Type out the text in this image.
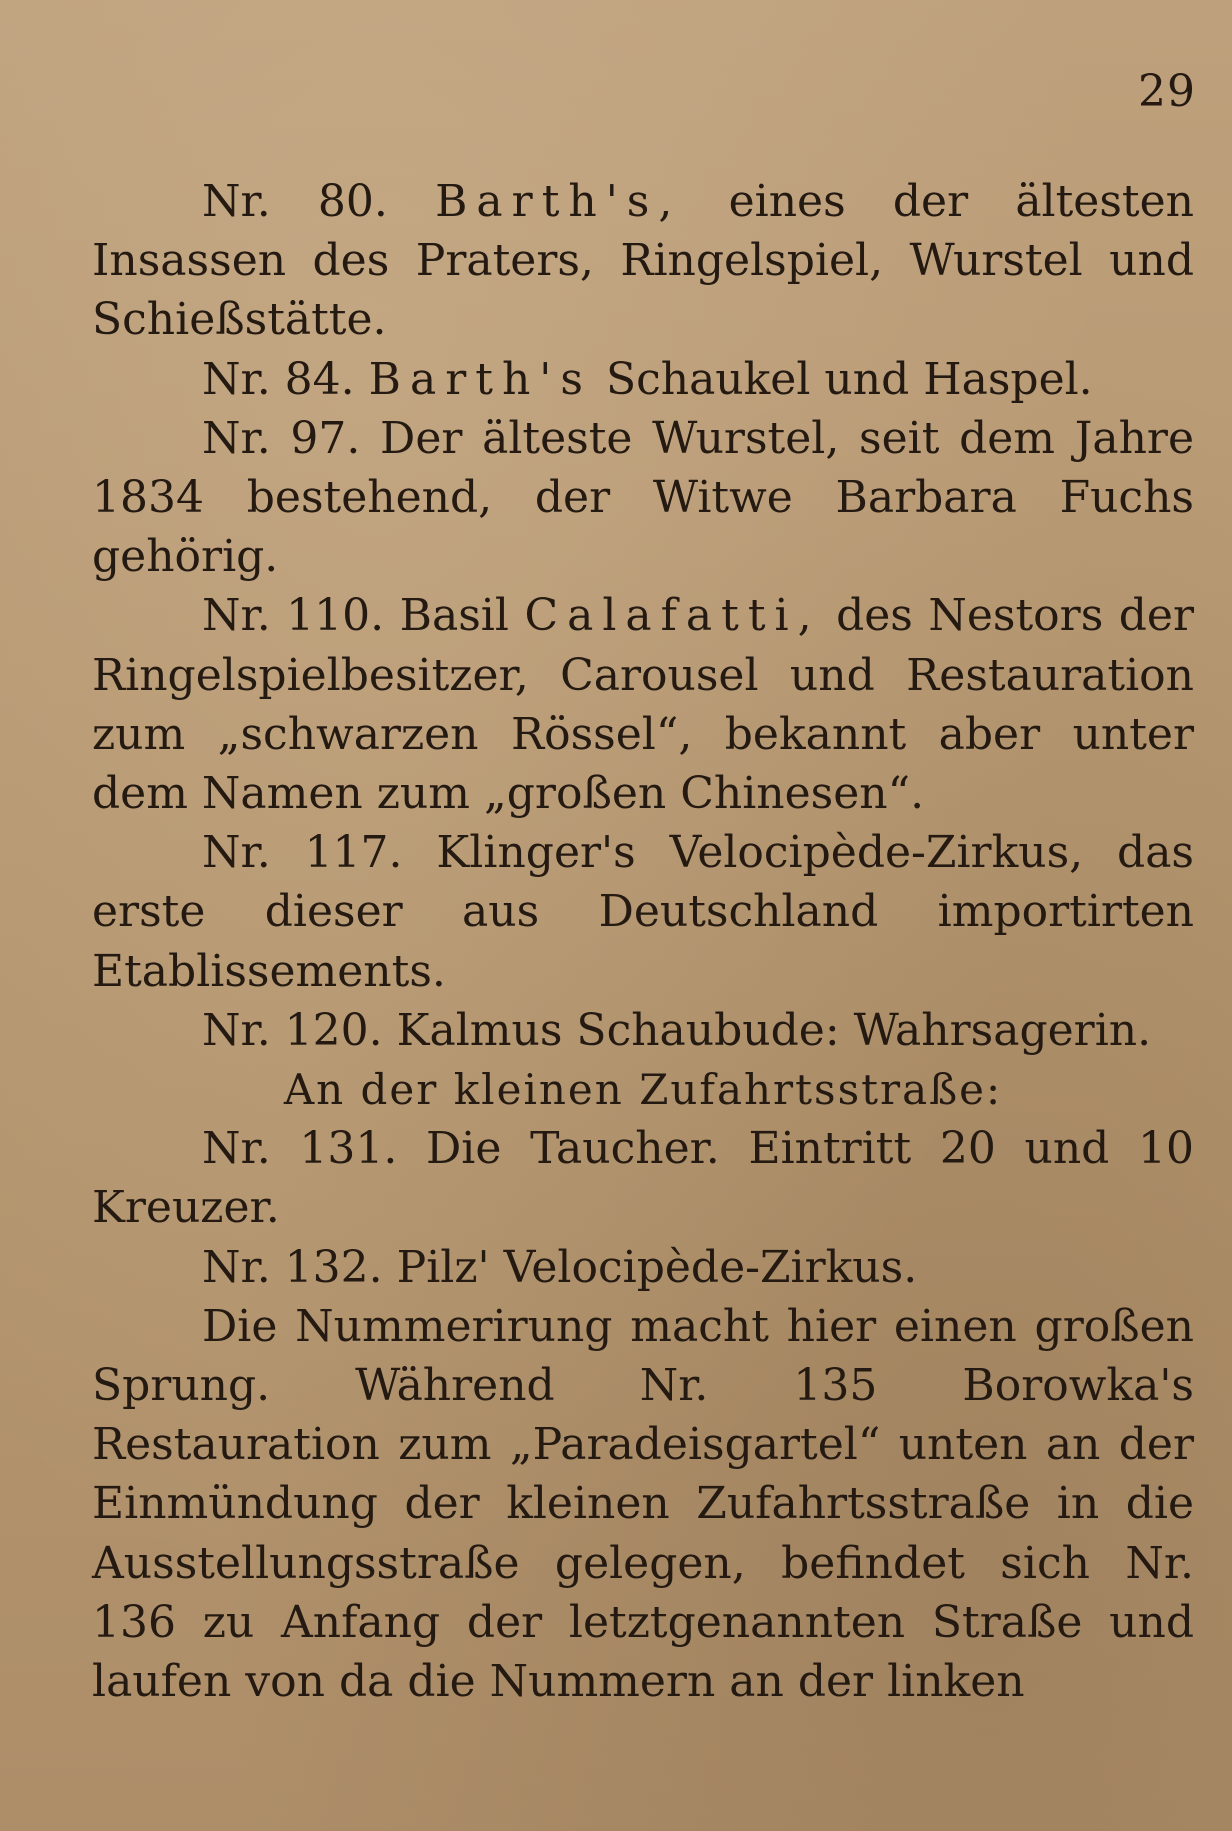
29

Nr. 80. Barth's, eines der ältesten Insassen des Praters, Ringelspiel, Wurstel und Schießstätte.

Nr. 84. Barth's Schaukel und Haspel.

Nr. 97. Der älteste Wurstel, seit dem Jahre 1834 bestehend, der Witwe Barbara Fuchs gehörig.

Nr. 110. Basil Calafatti, des Nestors der Ringelspielbesitzer, Carousel und Restauration zum „schwarzen Rössel“, bekannt aber unter dem Namen zum „großen Chinesen“.

Nr. 117. Klinger's Velocipède-Zirkus, das erste dieser aus Deutschland importirten Etablissements.

Nr. 120. Kalmus Schaubude: Wahrsagerin.

An der kleinen Zufahrtsstraße:

Nr. 131. Die Taucher. Eintritt 20 und 10 Kreuzer.

Nr. 132. Pilz' Velocipède-Zirkus.

Die Nummerirung macht hier einen großen Sprung. Während Nr. 135 Borowka's Restauration zum „Paradeisgartel“ unten an der Einmündung der kleinen Zufahrtsstraße in die Ausstellungsstraße gelegen, befindet sich Nr. 136 zu Anfang der letztgenannten Straße und laufen von da die Nummern an der linken
